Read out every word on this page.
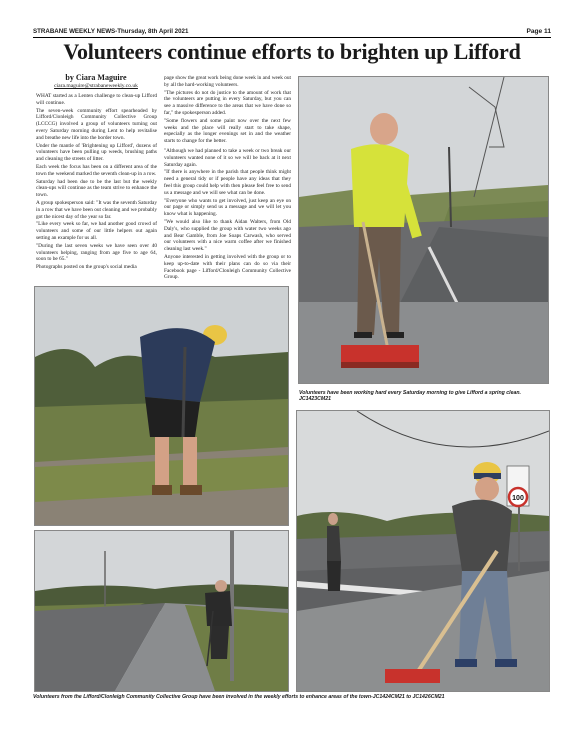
STRABANE WEEKLY NEWS-Thursday, 8th April 2021	Page 11
Volunteers continue efforts to brighten up Lifford
by Ciara Maguire
ciara.maguire@strabaneweekly.co.uk

WHAT started as a Lenten challenge to clean-up Lifford will continue.

The seven-week community effort spearheaded by Lifford/Clonleigh Community Collective Group (LCCCG) involved a group of volunteers turning out every Saturday morning during Lent to help revitalise and breathe new life into the border town.

Under the mantle of 'Brightening up Lifford', dozens of volunteers have been pulling up weeds, brushing paths and cleaning the streets of litter.

Each week the focus has been on a different area of the town the weekend marked the seventh clean-up in a row.

Saturday had been due to be the last but the weekly clean-ups will continue as the team strive to enhance the town.

A group spokesperson said: "It was the seventh Saturday in a row that we have been out cleaning and we probably got the nicest day of the year so far.

"Like every week so far, we had another good crowd of volunteers and some of our little helpers out again setting an example for us all.

"During the last seven weeks we have seen over 40 volunteers helping, ranging from age five to age 64, soon to be 65."

Photographs posted on the group's social media

page show the great work being done week in and week out by all the hard-working volunteers.

"The pictures do not do justice to the amount of work that the volunteers are putting in every Saturday, but you can see a massive difference to the areas that we have done so far," the spokesperson added.

"Some flowers and some paint now over the next few weeks and the place will really start to take shape, especially as the longer evenings set in and the weather starts to change for the better.

"Although we had planned to take a week or two break our volunteers wanted none of it so we will be back at it next Saturday again.

"If there is anywhere in the parish that people think might need a general tidy or if people have any ideas that they feel this group could help with then please feel free to send us a message and we will see what can be done.

"Everyone who wants to get involved, just keep an eye on our page or simply send us a message and we will let you know what is happening.

"We would also like to thank Aidan Walters, from Old Daly's, who supplied the group with water two weeks ago and Bear Gamble, from Joe Soaps Carwash, who served our volunteers with a nice warm coffee after we finished cleaning last week."

Anyone interested in getting involved with the group or to keep up-to-date with their plans can do so via their Facebook page - Lifford/Clonleigh Community Collective Group.

Volunteers have been working hard every Saturday morning to give Lifford a spring clean. JC1423CM21
100
Volunteers from the Lifford/Clonleigh Community Collective Group have been involved in the weekly efforts to enhance areas of the town-JC1424CM21 to JC1426CM21
